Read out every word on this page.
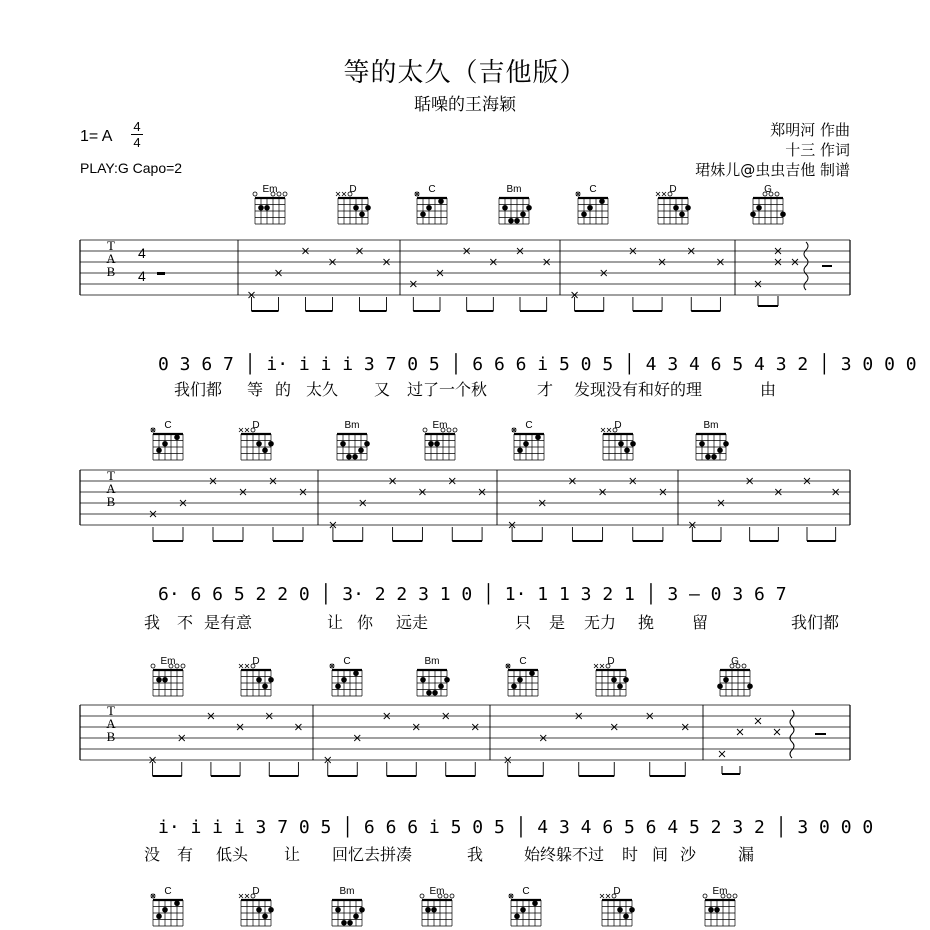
等的太久（吉他版）
聒噪的王海颖
郑明河 作曲
十三 作词
珺妹儿@虫虫吉他 制谱
1= A
4
4
PLAY:G Capo=2
Em	D	C	Bm	C	D	G
T
A
B
4
4
0 3 6 7 │ i· i i i 3 7 0 5 │ 6 6 6 i 5 0 5 │ 4 3 4 6 5 4 3 2 │ 3 0 0 0
我们都 等 的 太久 又 过了一个秋	才 发现没有和好的理	由
C	D	Bm	Em	C	D	Bm
T
A
B
6· 6 6 5 2 2 0 │ 3· 2 2 3 1 0 │ 1· 1 1 3 2 1 │ 3 — 0 3 6 7
我 不 是有意	让 你 远走	只 是 无力 挽 留	我们都
Em	D	C	Bm	C	D	G
T
A
B
i· i i i 3 7 0 5 │ 6 6 6 i 5 0 5 │ 4 3 4 6 5 6 4 5 2 3 2 │ 3 0 0 0
没 有 低头 让 回忆去拼凑	我	始终躲不过 时 间 沙	漏
C	D	Bm	Em	C	D	Em
